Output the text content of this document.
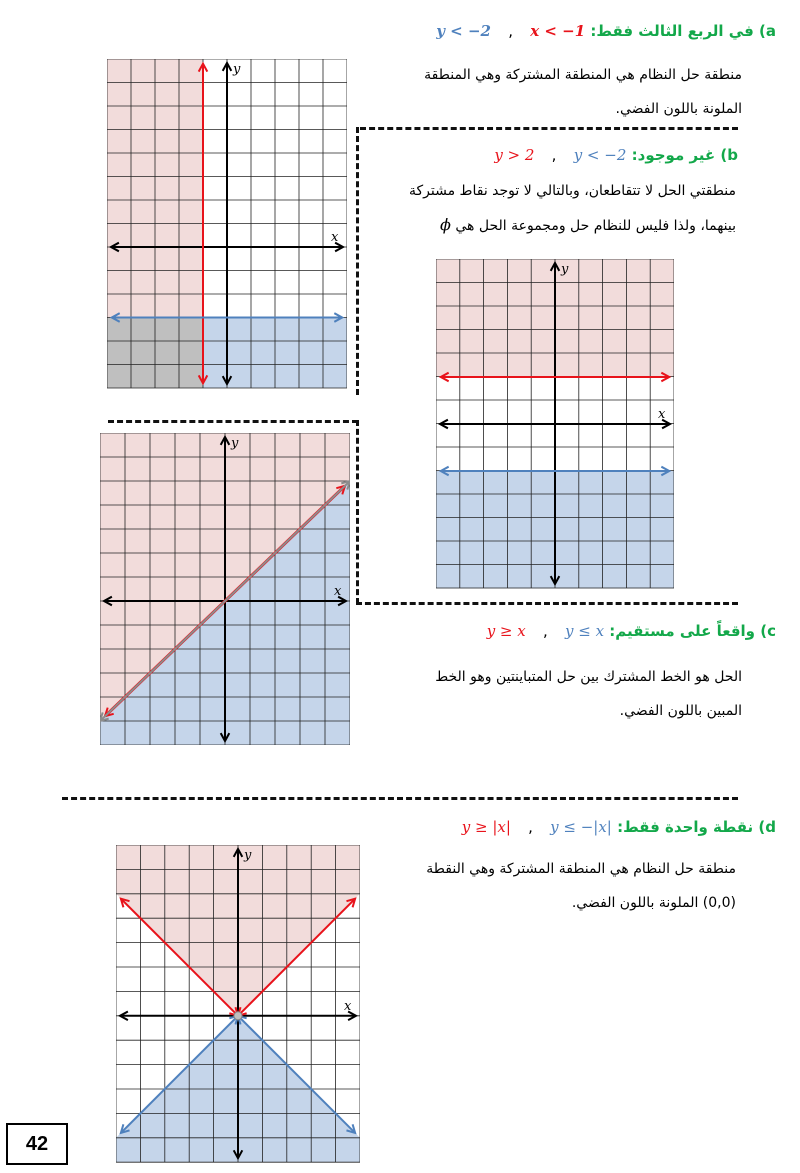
a) في الربع الثالث فقط: x < −1 , y < −2
منطقة حل النظام هي المنطقة المشتركة وهي المنطقة
الملونة باللون الفضي.
b) غير موجود: y < −2 , y > 2
منطقتي الحل لا تتقاطعان، وبالتالي لا توجد نقاط مشتركة
بينهما، ولذا فليس للنظام حل ومجموعة الحل هي ϕ
c) واقعاً على مستقيم: y ≤ x , y ≥ x
الحل هو الخط المشترك بين حل المتباينتين وهو الخط
المبين باللون الفضي.
d) نقطة واحدة فقط: y ≤ −|x| , y ≥ |x|
منطقة حل النظام هي المنطقة المشتركة وهي النقطة
(0,0) الملونة باللون الفضي.
x
y
x
y
x
y
x
y
42
